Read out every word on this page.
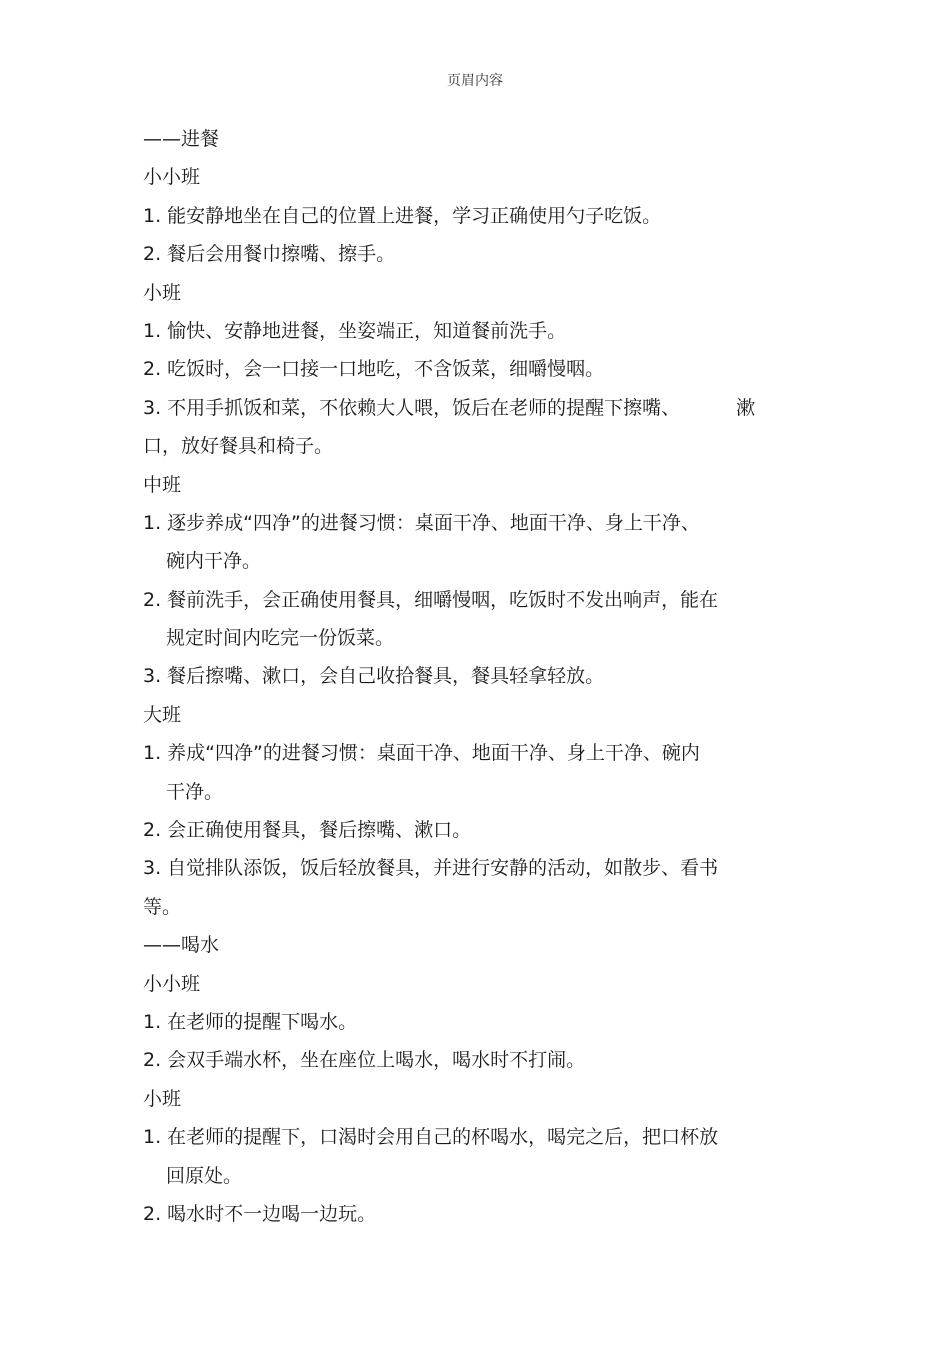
页眉内容
——进餐
小小班
1. 能安静地坐在自己的位置上进餐，学习正确使用勺子吃饭。
2. 餐后会用餐巾擦嘴、擦手。
小班
1. 愉快、安静地进餐，坐姿端正，知道餐前洗手。
2. 吃饭时，会一口接一口地吃，不含饭菜，细嚼慢咽。
3. 不用手抓饭和菜，不依赖大人喂，饭后在老师的提醒下擦嘴、	漱
口，放好餐具和椅子。
中班
1. 逐步养成“四净”的进餐习惯：桌面干净、地面干净、身上干净、
碗内干净。
2. 餐前洗手，会正确使用餐具，细嚼慢咽，吃饭时不发出响声，能在
规定时间内吃完一份饭菜。
3. 餐后擦嘴、漱口，会自己收拾餐具，餐具轻拿轻放。
大班
1. 养成“四净”的进餐习惯：桌面干净、地面干净、身上干净、碗内
干净。
2. 会正确使用餐具，餐后擦嘴、漱口。
3. 自觉排队添饭，饭后轻放餐具，并进行安静的活动，如散步、看书
等。
——喝水
小小班
1. 在老师的提醒下喝水。
2. 会双手端水杯，坐在座位上喝水，喝水时不打闹。
小班
1. 在老师的提醒下，口渴时会用自己的杯喝水，喝完之后，把口杯放
回原处。
2. 喝水时不一边喝一边玩。
